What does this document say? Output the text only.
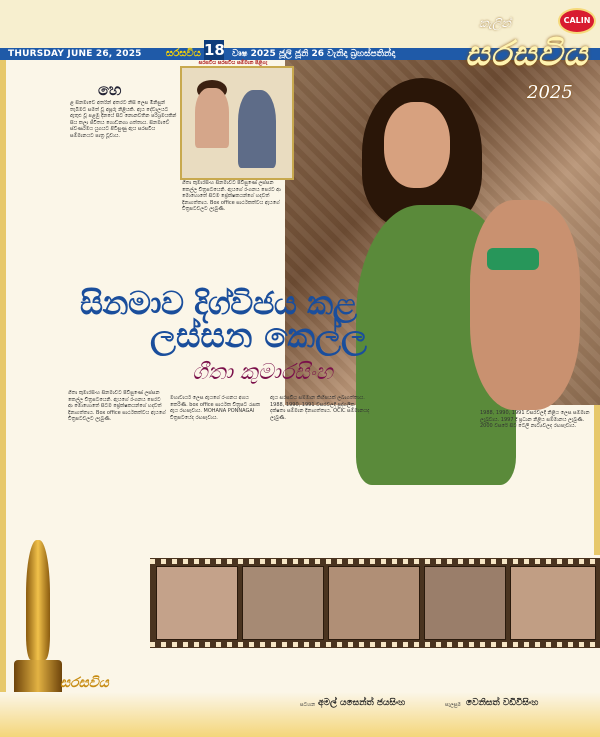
THURSDAY JUNE 26, 2025 සරසවිය 18 වෘෂ 2025 ජූලි ජූනි 26 වැනිදා බ්‍රහස්පතින්දා
කැලින්
සරසවිය
2025
CALIN
සරසවිය සරසවිය සම්මාන පිළිගැ
හෙ
ළ සිනමාවේ අතරින් අතරට නිසි ලෙස මිනිසුන් තැබීමට සමත් වූ අපූරු නිළියකි. ඇය දේවාලයට ඇතුළු වූ පළමු දිනයේ සිට නොනවතින පරිශ්‍රමයකින් සිය කලා ජීවිතය ගොඩනගා ගත්තාය. සිනමාවේ ස්වර්ණමය යුගයට පිවිසුණු ඇය සරසවිය සම්මානයට පාත්‍ර වූවාය.
ගීතා කුමාරසිංහ සිනමාවට පිවිසුණේ ලස්සන කෙල්ල චිත්‍රපටයෙනි. ඇයගේ රංගනය පෙරට ආ මොහොතේ සිටම ප්‍රේක්ෂකයන්ගේ හදවත් දිනාගත්තාය. Box office සාර්ථකත්වය ඇයගේ චිත්‍රපටවලට ලැබුණි.
සිනමාව දිග්විජය කළ
ලස්සන කෙල්ල
ගීතා කුමාරසිංහ
ගීතා කුමාරසිංහ සිනමාවට පිවිසුණේ ලස්සන කෙල්ල චිත්‍රපටයෙනි. ඇයගේ රංගනය පෙරට ආ මොහොතේ සිටම ප්‍රේක්ෂකයන්ගේ හදවත් දිනාගත්තාය. Box office සාර්ථකත්වය ඇයගේ චිත්‍රපටවලට ලැබුණි.
මහාචාර්ය ලෙස ඇයගේ රංගනය අගය කෙරිණි. box office සාර්ථක චිත්‍රපට රැසක ඇය රඟපෑවාය. MOHANA PONNAGAI චිත්‍රපටයේද රඟපෑවාය.
ඇය සරසවිය සම්මාන කිහිපයක් ලබාගත්තාය. 1988, 1990, 1991 වසරවලදී පුද්ගලික දක්ෂතා සම්මාන දිනාගත්තාය. OCIC සම්මානයද ලැබුණි.
1988, 1990, 1991 වසරවලදී නිළිය ලෙස සම්මාන ලැබුවාය. 1997 දී ප්‍රධාන නිළිය සම්මානය ලැබුණි. 2000 වසරේ සිට ටෙලි නාට්‍යවලද රඟපෑවාය.
සරසවිය
සටහන අමල් යසෙන්ත් ජයසිංහ	සැලසුම වෙනිසත් වඩිවිසිංහ
